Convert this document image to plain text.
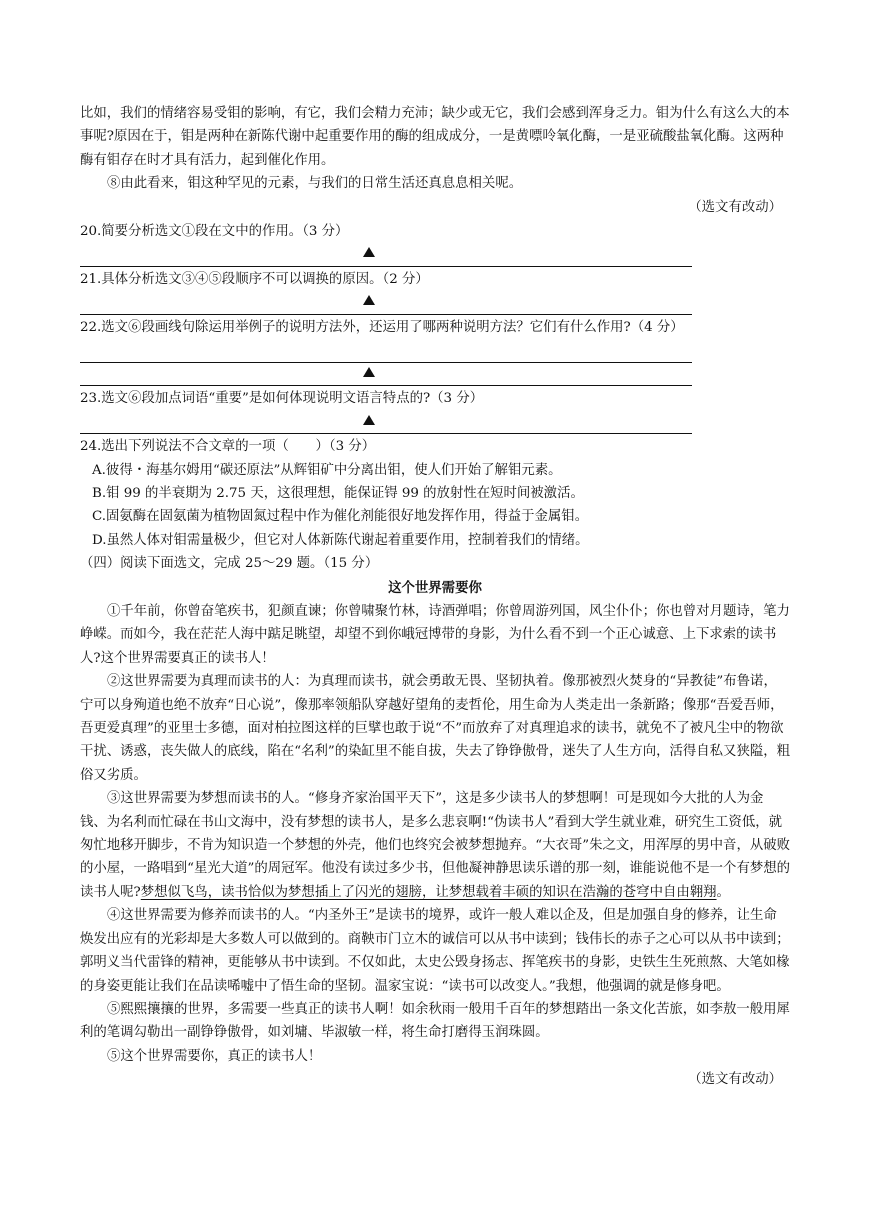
比如，我们的情绪容易受钼的影响，有它，我们会精力充沛；缺少或无它，我们会感到浑身乏力。钼为什么有这么大的本事呢?原因在于，钼是两种在新陈代谢中起重要作用的酶的组成成分，一是黄嘌呤氧化酶，一是亚硫酸盐氧化酶。这两种酶有钼存在时才具有活力，起到催化作用。

⑧由此看来，钼这种罕见的元素，与我们的日常生活还真息息相关呢。

（选文有改动）

20.简要分析选文①段在文中的作用。（3 分）

21.具体分析选文③④⑤段顺序不可以调换的原因。（2 分）

22.选文⑥段画线句除运用举例子的说明方法外，还运用了哪两种说明方法？它们有什么作用?（4 分）

23.选文⑥段加点词语“重要”是如何体现说明文语言特点的?（3 分）

24.选出下列说法不合文章的一项（　　）（3 分）

A.彼得・海基尔姆用“碳还原法”从辉钼矿中分离出钼，使人们开始了解钼元素。

B.钼 99 的半衰期为 2.75 天，这很理想，能保证锝 99 的放射性在短时间被激活。

C.固氨酶在固氨菌为植物固氮过程中作为催化剂能很好地发挥作用，得益于金属钼。

D.虽然人体对钼需量极少，但它对人体新陈代谢起着重要作用，控制着我们的情绪。

（四）阅读下面选文，完成 25～29 题。（15 分）

这个世界需要你

①千年前，你曾奋笔疾书，犯颜直谏；你曾啸聚竹林，诗酒弹唱；你曾周游列国，风尘仆仆；你也曾对月题诗，笔力峥嵘。而如今，我在茫茫人海中踮足眺望，却望不到你峨冠博带的身影，为什么看不到一个正心诚意、上下求索的读书人?这个世界需要真正的读书人！

②这世界需要为真理而读书的人：为真理而读书，就会勇敢无畏、坚韧执着。像那被烈火焚身的“异教徒”布鲁诺，宁可以身殉道也绝不放弃“日心说”，像那率领船队穿越好望角的麦哲伦，用生命为人类走出一条新路；像那“吾爱吾师，吾更爱真理”的亚里士多德，面对柏拉图这样的巨擘也敢于说“不”而放弃了对真理追求的读书，就免不了被凡尘中的物欲干扰、诱惑，丧失做人的底线，陷在“名利”的染缸里不能自拔，失去了铮铮傲骨，迷失了人生方向，活得自私又狭隘，粗俗又劣质。

③这世界需要为梦想而读书的人。“修身齐家治国平天下”，这是多少读书人的梦想啊！可是现如今大批的人为金钱、为名利而忙碌在书山文海中，没有梦想的读书人，是多么悲哀啊!“伪读书人”看到大学生就业难，研究生工资低，就匆忙地移开脚步，不肯为知识造一个梦想的外壳，他们也终究会被梦想抛弃。“大衣哥”朱之文，用浑厚的男中音，从破败的小屋，一路唱到“星光大道”的周冠军。他没有读过多少书，但他凝神静思读乐谱的那一刻，谁能说他不是一个有梦想的读书人呢?梦想似飞鸟，读书恰似为梦想插上了闪光的翅膀，让梦想载着丰硕的知识在浩瀚的苍穹中自由翱翔。

④这世界需要为修养而读书的人。“内圣外王”是读书的境界，或许一般人难以企及，但是加强自身的修养，让生命焕发出应有的光彩却是大多数人可以做到的。商鞅市门立木的诚信可以从书中读到；钱伟长的赤子之心可以从书中读到；郭明义当代雷锋的精神，更能够从书中读到。不仅如此，太史公毁身扬志、挥笔疾书的身影，史铁生生死煎熬、大笔如椽的身姿更能让我们在品读唏嘘中了悟生命的坚韧。温家宝说：“读书可以改变人。”我想，他强调的就是修身吧。

⑤熙熙攘攘的世界，多需要一些真正的读书人啊！如余秋雨一般用千百年的梦想踏出一条文化苦旅，如李敖一般用犀利的笔调勾勒出一副铮铮傲骨，如刘墉、毕淑敏一样，将生命打磨得玉润珠圆。

⑤这个世界需要你，真正的读书人！

（选文有改动）
